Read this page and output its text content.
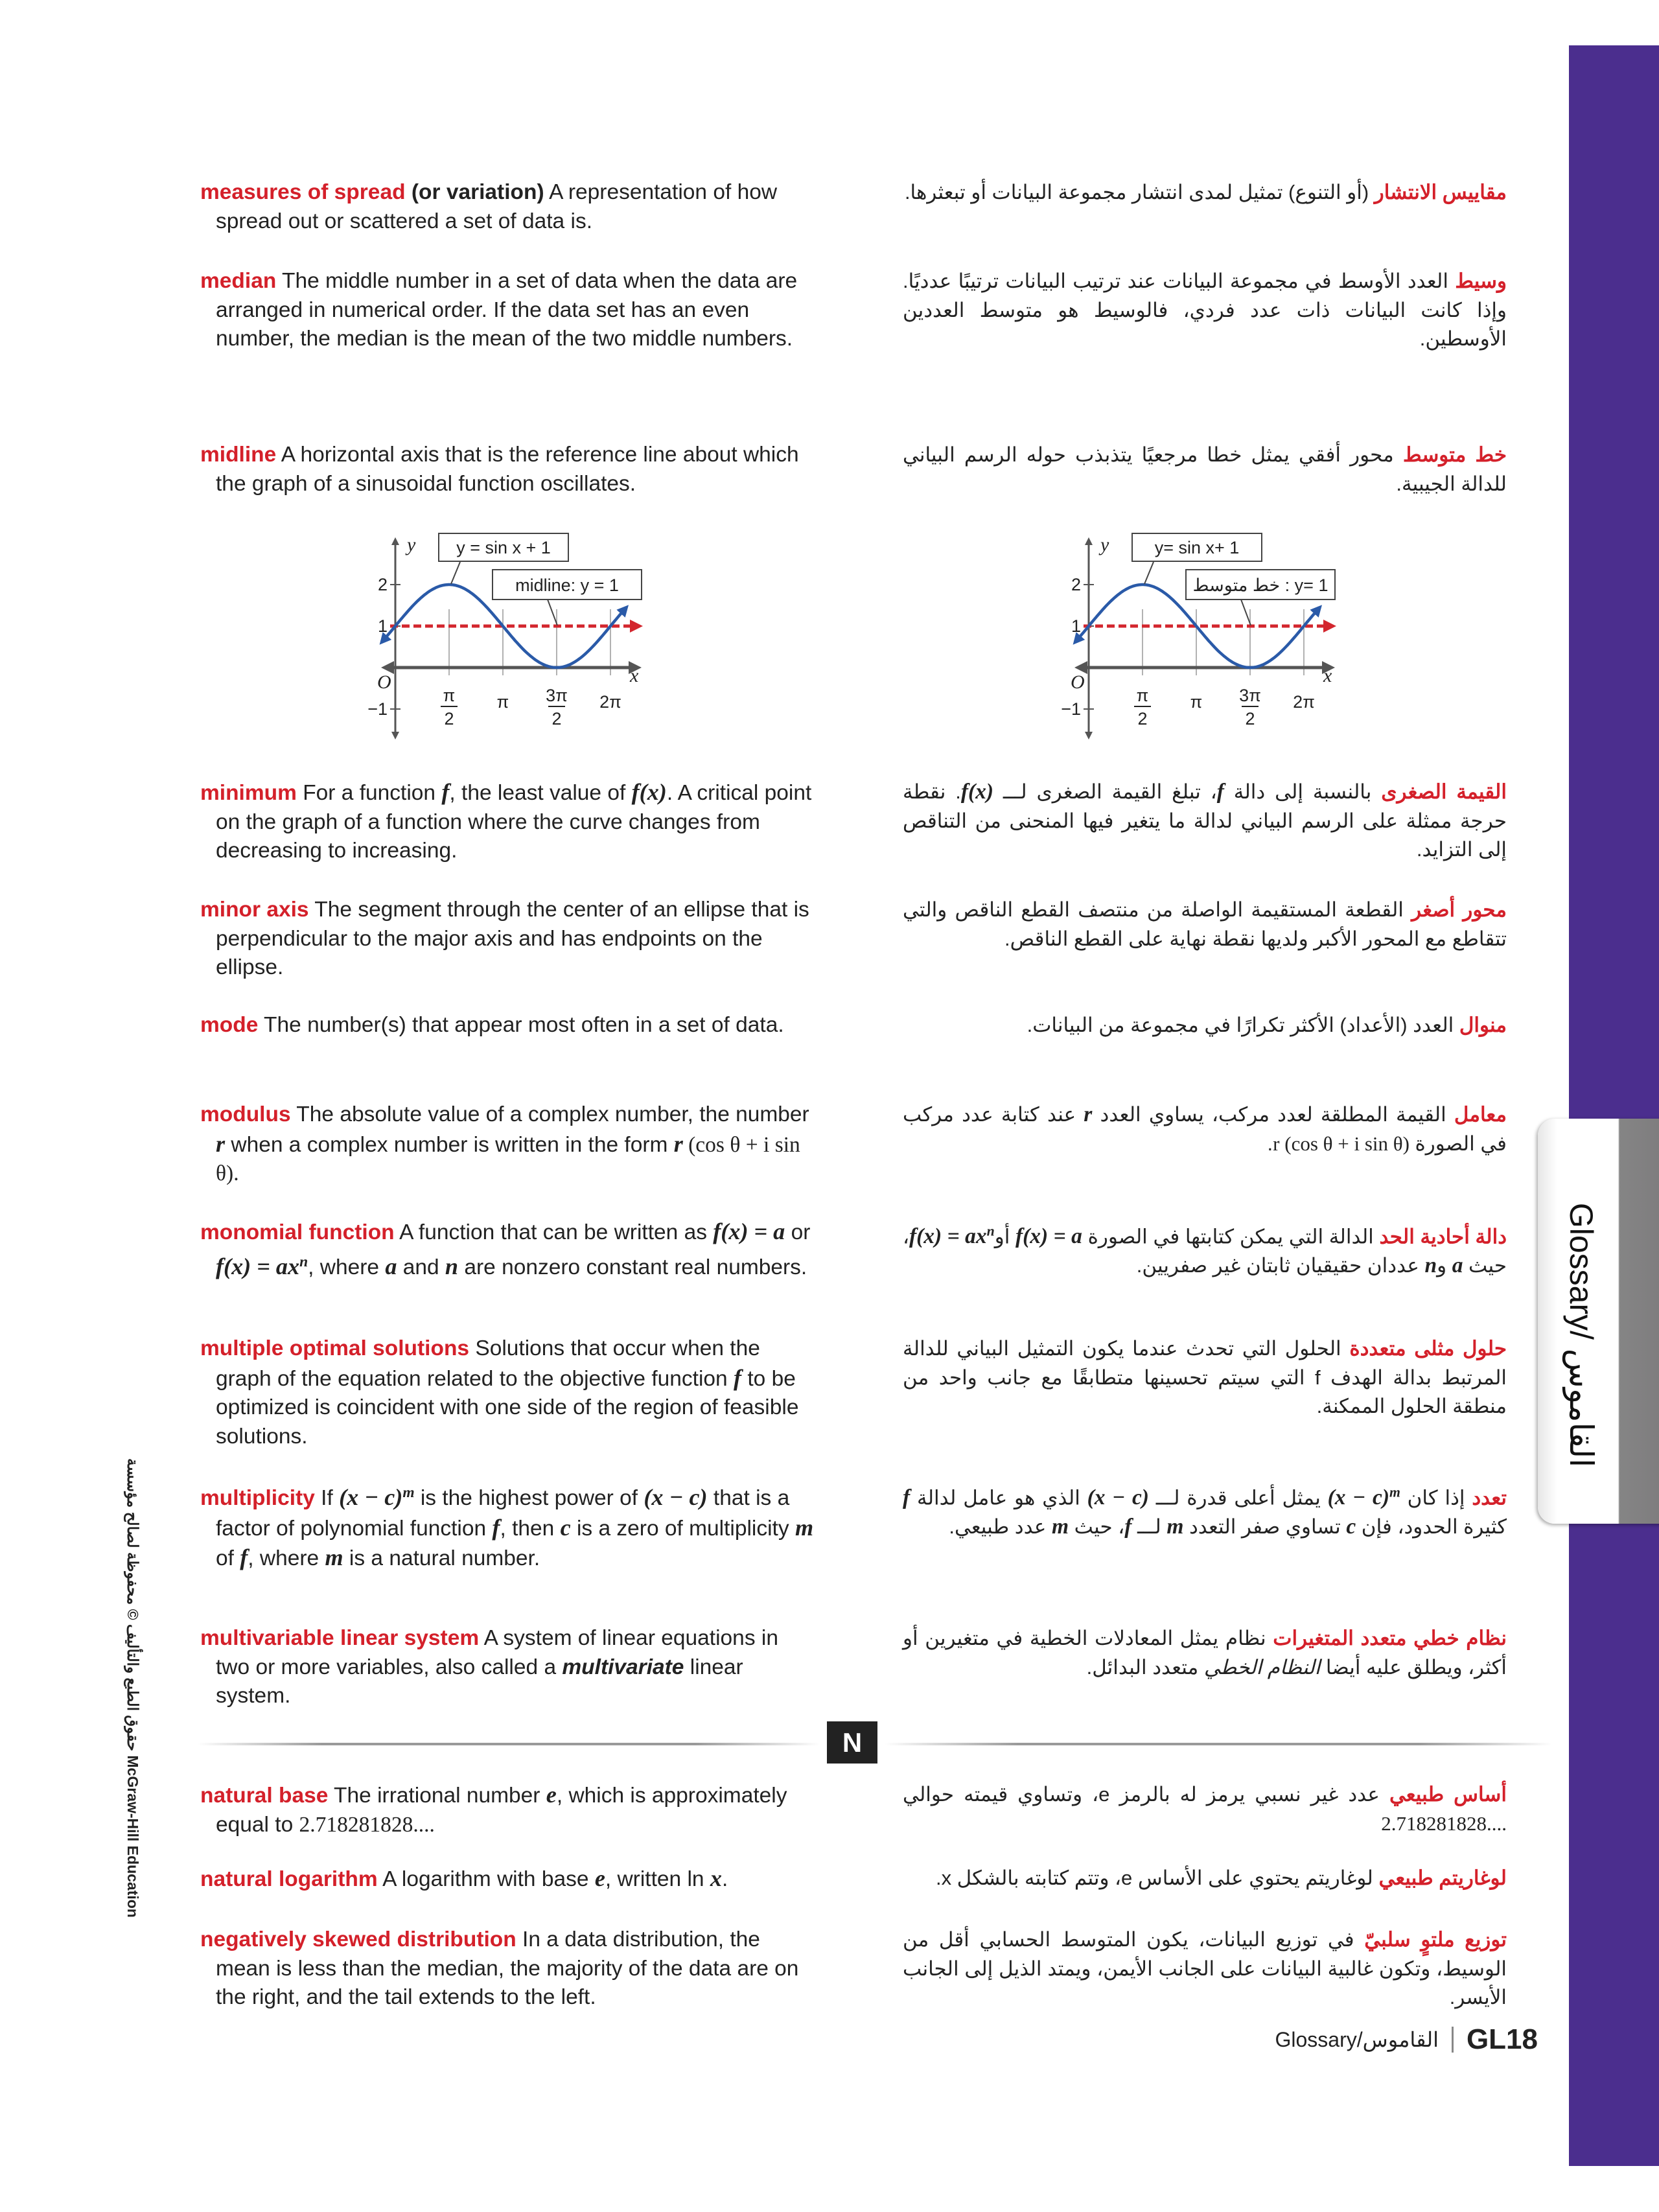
Glossary/ القاموس
حقوق الطبع والتأليف © محفوظة لصالح مؤسسة McGraw-Hill Education
measures of spread (or variation) A representation of how spread out or scattered a set of data is.
مقاييس الانتشار (أو التنوع) تمثيل لمدى انتشار مجموعة البيانات أو تبعثرها.
median The middle number in a set of data when the data are arranged in numerical order. If the data set has an even number, the median is the mean of the two middle numbers.
وسيط العدد الأوسط في مجموعة البيانات عند ترتيب البيانات ترتيبًا عدديًا. وإذا كانت البيانات ذات عدد فردي، فالوسيط هو متوسط العددين الأوسطين.
midline A horizontal axis that is the reference line about which the graph of a sinusoidal function oscillates.
خط متوسط محور أفقي يمثل خطا مرجعيًا يتذبذب حوله الرسم البياني للدالة الجيبية.
minimum For a function f, the least value of f(x). A critical point on the graph of a function where the curve changes from decreasing to increasing.
القيمة الصغرى بالنسبة إلى دالة f، تبلغ القيمة الصغرى لـــ f(x). نقطة حرجة ممثلة على الرسم البياني لدالة ما يتغير فيها المنحنى من التناقص إلى التزايد.
minor axis The segment through the center of an ellipse that is perpendicular to the major axis and has endpoints on the ellipse.
محور أصغر القطعة المستقيمة الواصلة من منتصف القطع الناقص والتي تتقاطع مع المحور الأكبر ولديها نقطة نهاية على القطع الناقص.
mode The number(s) that appear most often in a set of data.	منوال العدد (الأعداد) الأكثر تكرارًا في مجموعة من البيانات.
modulus The absolute value of a complex number, the number r when a complex number is written in the form r (cos θ + i sin θ).
معامل القيمة المطلقة لعدد مركب، يساوي العدد r عند كتابة عدد مركب في الصورة r (cos θ + i sin θ).
monomial function A function that can be written as f(x) = a or $f(x) = ax^n$, where a and n are nonzero constant real numbers.
دالة أحادية الحد الدالة التي يمكن كتابتها في الصورة f(x) = a أوf(x) = $ax^n،$ حيث a وn عددان حقيقيان ثابتان غير صفريين.
multiple optimal solutions Solutions that occur when the graph of the equation related to the objective function f to be optimized is coincident with one side of the region of feasible solutions.
حلول مثلى متعددة الحلول التي تحدث عندما يكون التمثيل البياني للدالة المرتبط بدالة الهدف f التي سيتم تحسينها متطابقًا مع جانب واحد من منطقة الحلول الممكنة.
multiplicity If $(x - c)^m$ is the highest power of (x − c) that is a factor of polynomial function f, then c is a zero of multiplicity m of f, where m is a natural number.
تعدد إذا كان $(x - c)^m$ يمثل أعلى قدرة لـــ (x − c) الذي هو عامل لدالة f كثيرة الحدود، فإن c تساوي صفر التعدد m لـــ f، حيث m عدد طبيعي.
multivariable linear system A system of linear equations in two or more variables, also called a multivariate linear system.
نظام خطي متعدد المتغيرات نظام يمثل المعادلات الخطية في متغيرين أو أكثر، ويطلق عليه أيضا النظام الخطي متعدد البدائل.
natural base The irrational number e, which is approximately equal to 2.718281828....
أساس طبيعي عدد غير نسبي يرمز له بالرمز e، وتساوي قيمته حوالي 2.718281828....
natural logarithm A logarithm with base e, written ln x.	لوغاريتم طبيعي لوغاريتم يحتوي على الأساس e، وتتم كتابته بالشكل x.
negatively skewed distribution In a data distribution, the mean is less than the median, the majority of the data are on the right, and the tail extends to the left.
توزيع ملتوٍ سلبيّ في توزيع البيانات، يكون المتوسط الحسابي أقل من الوسيط، وتكون غالبية البيانات على الجانب الأيمن، ويمتد الذيل إلى الجانب الأيسر.
y = sin x + 1
midline: y = 1
y
x
O
2
1
−1
π
2
π 3π
2
2π
y= sin x+ 1
خط متوسط : y= 1
y
x
O
2
1
−1
π
2
π 3π
2
2π
N
Glossary/القاموس GL18
